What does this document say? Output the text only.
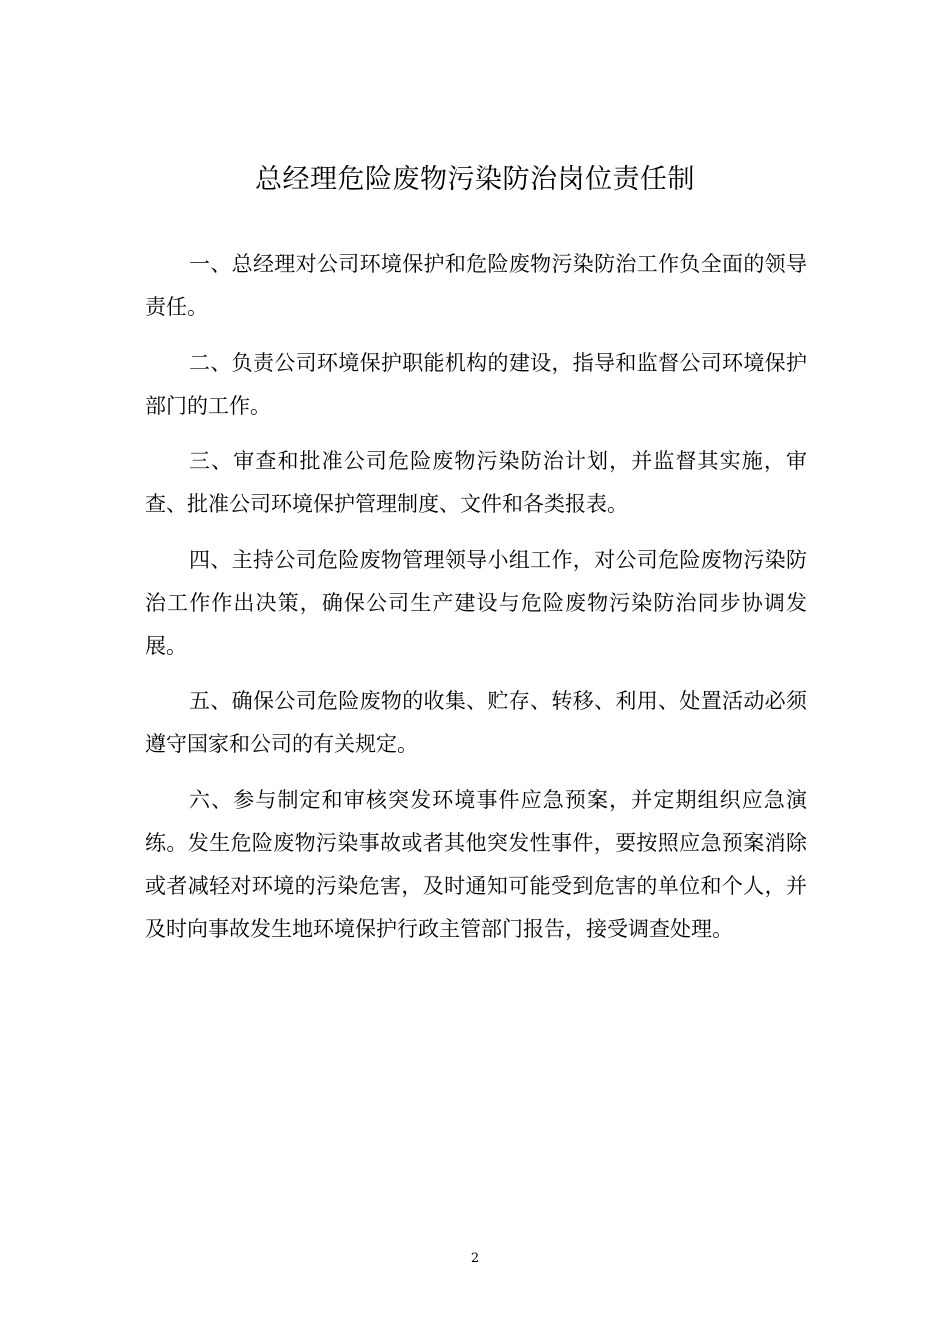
总经理危险废物污染防治岗位责任制

一、总经理对公司环境保护和危险废物污染防治工作负全面的领导责任。

二、负责公司环境保护职能机构的建设，指导和监督公司环境保护部门的工作。

三、审查和批准公司危险废物污染防治计划，并监督其实施，审查、批准公司环境保护管理制度、文件和各类报表。

四、主持公司危险废物管理领导小组工作，对公司危险废物污染防治工作作出决策，确保公司生产建设与危险废物污染防治同步协调发展。

五、确保公司危险废物的收集、贮存、转移、利用、处置活动必须遵守国家和公司的有关规定。

六、参与制定和审核突发环境事件应急预案，并定期组织应急演练。发生危险废物污染事故或者其他突发性事件，要按照应急预案消除或者减轻对环境的污染危害，及时通知可能受到危害的单位和个人，并及时向事故发生地环境保护行政主管部门报告，接受调查处理。

2
